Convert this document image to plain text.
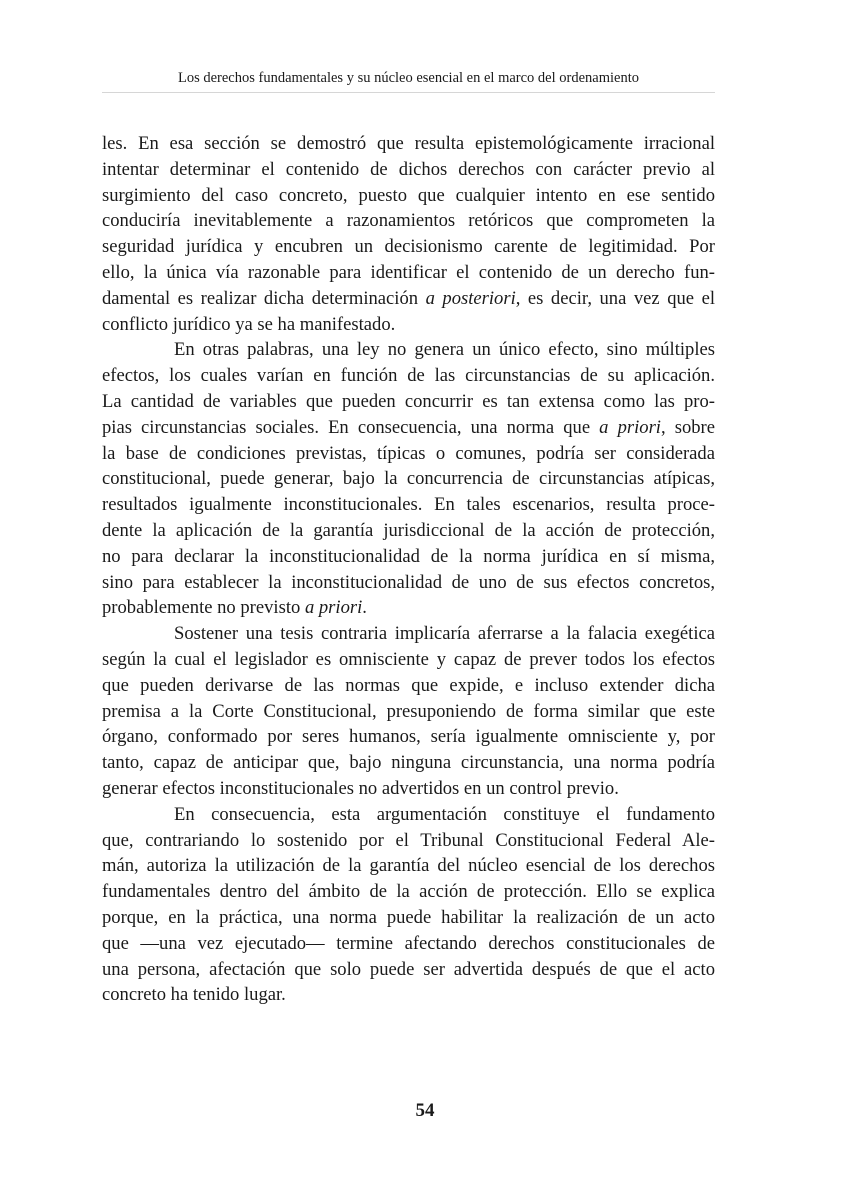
Los derechos fundamentales y su núcleo esencial en el marco del ordenamiento
les. En esa sección se demostró que resulta epistemológicamente irracional
intentar determinar el contenido de dichos derechos con carácter previo al
surgimiento del caso concreto, puesto que cualquier intento en ese sentido
conduciría inevitablemente a razonamientos retóricos que comprometen la
seguridad jurídica y encubren un decisionismo carente de legitimidad. Por
ello, la única vía razonable para identificar el contenido de un derecho fun-
damental es realizar dicha determinación a posteriori, es decir, una vez que el
conflicto jurídico ya se ha manifestado.
En otras palabras, una ley no genera un único efecto, sino múltiples
efectos, los cuales varían en función de las circunstancias de su aplicación.
La cantidad de variables que pueden concurrir es tan extensa como las pro-
pias circunstancias sociales. En consecuencia, una norma que a priori, sobre
la base de condiciones previstas, típicas o comunes, podría ser considerada
constitucional, puede generar, bajo la concurrencia de circunstancias atípicas,
resultados igualmente inconstitucionales. En tales escenarios, resulta proce-
dente la aplicación de la garantía jurisdiccional de la acción de protección,
no para declarar la inconstitucionalidad de la norma jurídica en sí misma,
sino para establecer la inconstitucionalidad de uno de sus efectos concretos,
probablemente no previsto a priori.
Sostener una tesis contraria implicaría aferrarse a la falacia exegética
según la cual el legislador es omnisciente y capaz de prever todos los efectos
que pueden derivarse de las normas que expide, e incluso extender dicha
premisa a la Corte Constitucional, presuponiendo de forma similar que este
órgano, conformado por seres humanos, sería igualmente omnisciente y, por
tanto, capaz de anticipar que, bajo ninguna circunstancia, una norma podría
generar efectos inconstitucionales no advertidos en un control previo.
En consecuencia, esta argumentación constituye el fundamento
que, contrariando lo sostenido por el Tribunal Constitucional Federal Ale-
mán, autoriza la utilización de la garantía del núcleo esencial de los derechos
fundamentales dentro del ámbito de la acción de protección. Ello se explica
porque, en la práctica, una norma puede habilitar la realización de un acto
que —una vez ejecutado— termine afectando derechos constitucionales de
una persona, afectación que solo puede ser advertida después de que el acto
concreto ha tenido lugar.
54
